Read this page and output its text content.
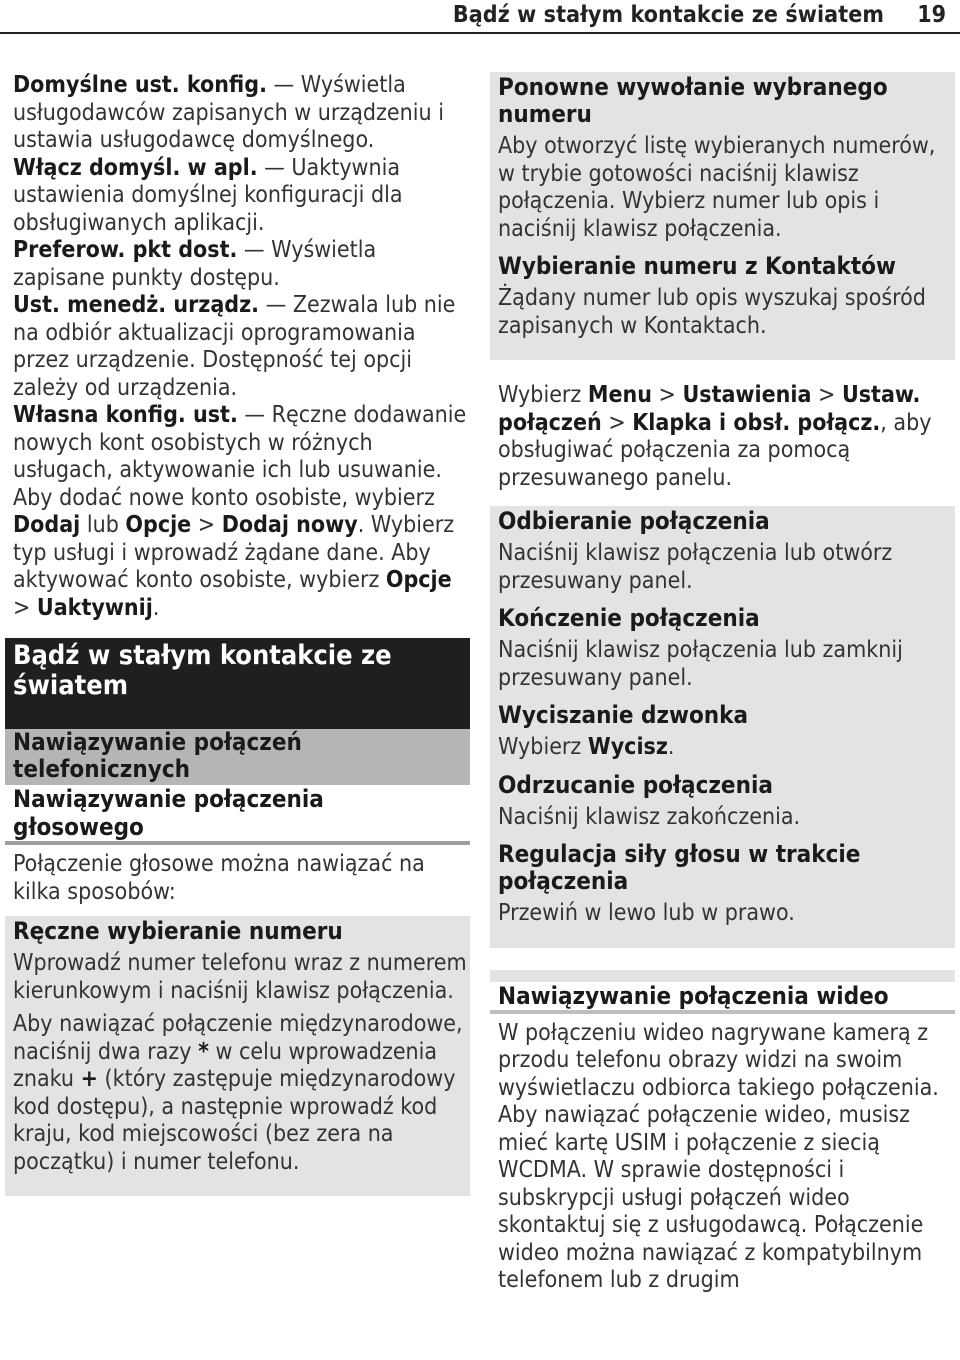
Bądź w stałym kontakcie ze światem 19

Domyślne ust. konfig. — Wyświetla usługodawców zapisanych w urządzeniu i ustawia usługodawcę domyślnego.

Włącz domyśl. w apl. — Uaktywnia ustawienia domyślnej konfiguracji dla obsługiwanych aplikacji.

Preferow. pkt dost. — Wyświetla zapisane punkty dostępu.

Ust. menedż. urządz. — Zezwala lub nie na odbiór aktualizacji oprogramowania przez urządzenie. Dostępność tej opcji zależy od urządzenia.

Własna konfig. ust. — Ręczne dodawanie nowych kont osobistych w różnych usługach, aktywowanie ich lub usuwanie. Aby dodać nowe konto osobiste, wybierz Dodaj lub Opcje > Dodaj nowy. Wybierz typ usługi i wprowadź żądane dane. Aby aktywować konto osobiste, wybierz Opcje > Uaktywnij.

Bądź w stałym kontakcie ze światem
Nawiązywanie połączeń telefonicznych
Nawiązywanie połączenia głosowego

Połączenie głosowe można nawiązać na kilka sposobów:

Ręczne wybieranie numeru

Wprowadź numer telefonu wraz z numerem kierunkowym i naciśnij klawisz połączenia.

Aby nawiązać połączenie międzynarodowe, naciśnij dwa razy * w celu wprowadzenia znaku + (który zastępuje międzynarodowy kod dostępu), a następnie wprowadź kod kraju, kod miejscowości (bez zera na początku) i numer telefonu.

Ponowne wywołanie wybranego numeru

Aby otworzyć listę wybieranych numerów, w trybie gotowości naciśnij klawisz połączenia. Wybierz numer lub opis i naciśnij klawisz połączenia.

Wybieranie numeru z Kontaktów

Żądany numer lub opis wyszukaj spośród zapisanych w Kontaktach.

Wybierz Menu > Ustawienia > Ustaw. połączeń > Klapka i obsł. połącz., aby obsługiwać połączenia za pomocą przesuwanego panelu.

Odbieranie połączenia

Naciśnij klawisz połączenia lub otwórz przesuwany panel.

Kończenie połączenia

Naciśnij klawisz połączenia lub zamknij przesuwany panel.

Wyciszanie dzwonka

Wybierz Wycisz.

Odrzucanie połączenia

Naciśnij klawisz zakończenia.

Regulacja siły głosu w trakcie połączenia

Przewiń w lewo lub w prawo.

Nawiązywanie połączenia wideo

W połączeniu wideo nagrywane kamerą z przodu telefonu obrazy widzi na swoim wyświetlaczu odbiorca takiego połączenia. Aby nawiązać połączenie wideo, musisz mieć kartę USIM i połączenie z siecią WCDMA. W sprawie dostępności i subskrypcji usługi połączeń wideo skontaktuj się z usługodawcą. Połączenie wideo można nawiązać z kompatybilnym telefonem lub z drugim
